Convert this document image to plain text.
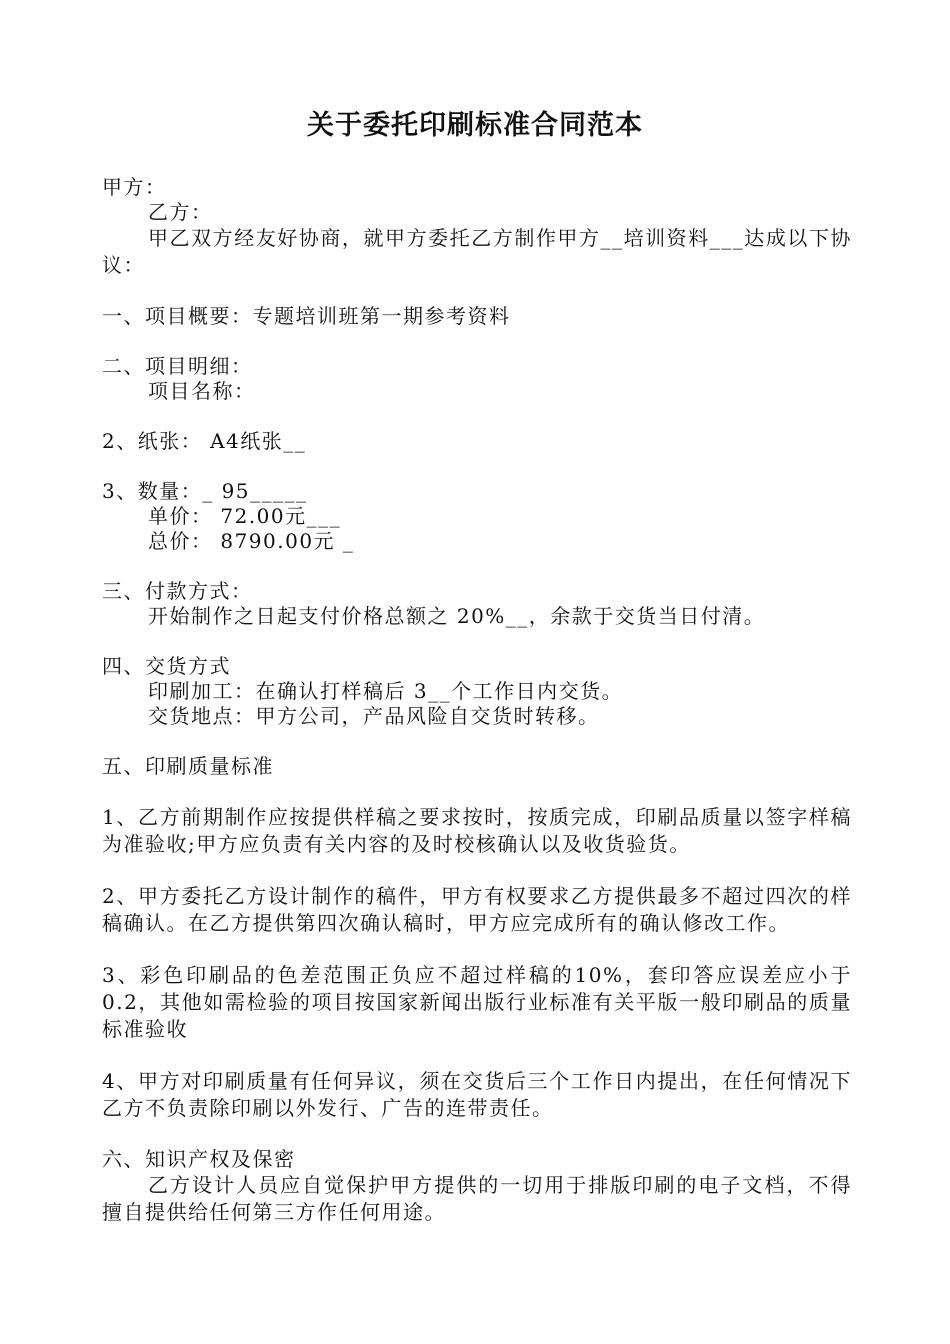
关于委托印刷标准合同范本
甲方：
乙方：
甲乙双方经友好协商，就甲方委托乙方制作甲方__培训资料___达成以下协议：
一、项目概要：专题培训班第一期参考资料
二、项目明细：
项目名称：
2、纸张： A4纸张__
3、数量：_ 95_____
单价： 72.00元___
总价： 8790.00元 _
三、付款方式：
开始制作之日起支付价格总额之 20%__，余款于交货当日付清。
四、交货方式
印刷加工：在确认打样稿后 3__个工作日内交货。
交货地点：甲方公司，产品风险自交货时转移。
五、印刷质量标准
1、乙方前期制作应按提供样稿之要求按时，按质完成，印刷品质量以签字样稿为准验收;甲方应负责有关内容的及时校核确认以及收货验货。
2、甲方委托乙方设计制作的稿件，甲方有权要求乙方提供最多不超过四次的样稿确认。在乙方提供第四次确认稿时，甲方应完成所有的确认修改工作。
3、彩色印刷品的色差范围正负应不超过样稿的10%，套印答应误差应小于0.2，其他如需检验的项目按国家新闻出版行业标准有关平版一般印刷品的质量标准验收
4、甲方对印刷质量有任何异议，须在交货后三个工作日内提出，在任何情况下乙方不负责除印刷以外发行、广告的连带责任。
六、知识产权及保密
乙方设计人员应自觉保护甲方提供的一切用于排版印刷的电子文档，不得擅自提供给任何第三方作任何用途。
